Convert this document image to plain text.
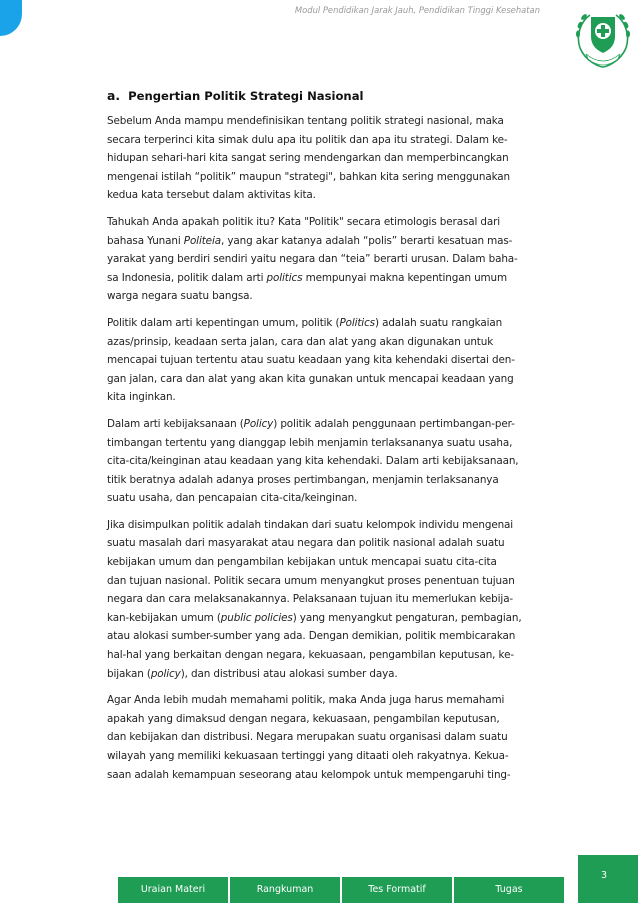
Modul Pendidikan Jarak Jauh, Pendidikan Tinggi Kesehatan
a. Pengertian Politik Strategi Nasional
Sebelum Anda mampu mendefinisikan tentang politik strategi nasional, maka
secara terperinci kita simak dulu apa itu politik dan apa itu strategi. Dalam ke-
hidupan sehari-hari kita sangat sering mendengarkan dan memperbincangkan
mengenai istilah “politik” maupun "strategi", bahkan kita sering menggunakan
kedua kata tersebut dalam aktivitas kita.
Tahukah Anda apakah politik itu? Kata "Politik" secara etimologis berasal dari
bahasa Yunani Politeia, yang akar katanya adalah “polis” berarti kesatuan mas-
yarakat yang berdiri sendiri yaitu negara dan “teia” berarti urusan. Dalam baha-
sa Indonesia, politik dalam arti politics mempunyai makna kepentingan umum
warga negara suatu bangsa.
Politik dalam arti kepentingan umum, politik (Politics) adalah suatu rangkaian
azas/prinsip, keadaan serta jalan, cara dan alat yang akan digunakan untuk
mencapai tujuan tertentu atau suatu keadaan yang kita kehendaki disertai den-
gan jalan, cara dan alat yang akan kita gunakan untuk mencapai keadaan yang
kita inginkan.
Dalam arti kebijaksanaan (Policy) politik adalah penggunaan pertimbangan-per-
timbangan tertentu yang dianggap lebih menjamin terlaksananya suatu usaha,
cita-cita/keinginan atau keadaan yang kita kehendaki. Dalam arti kebijaksanaan,
titik beratnya adalah adanya proses pertimbangan, menjamin terlaksananya
suatu usaha, dan pencapaian cita-cita/keinginan.
Jika disimpulkan politik adalah tindakan dari suatu kelompok individu mengenai
suatu masalah dari masyarakat atau negara dan politik nasional adalah suatu
kebijakan umum dan pengambilan kebijakan untuk mencapai suatu cita-cita
dan tujuan nasional. Politik secara umum menyangkut proses penentuan tujuan
negara dan cara melaksanakannya. Pelaksanaan tujuan itu memerlukan kebija-
kan-kebijakan umum (public policies) yang menyangkut pengaturan, pembagian,
atau alokasi sumber-sumber yang ada. Dengan demikian, politik membicarakan
hal-hal yang berkaitan dengan negara, kekuasaan, pengambilan keputusan, ke-
bijakan (policy), dan distribusi atau alokasi sumber daya.
Agar Anda lebih mudah memahami politik, maka Anda juga harus memahami
apakah yang dimaksud dengan negara, kekuasaan, pengambilan keputusan,
dan kebijakan dan distribusi. Negara merupakan suatu organisasi dalam suatu
wilayah yang memiliki kekuasaan tertinggi yang ditaati oleh rakyatnya. Kekua-
saan adalah kemampuan seseorang atau kelompok untuk mempengaruhi ting-
3
Uraian Materi	Rangkuman	Tes Formatif	Tugas
